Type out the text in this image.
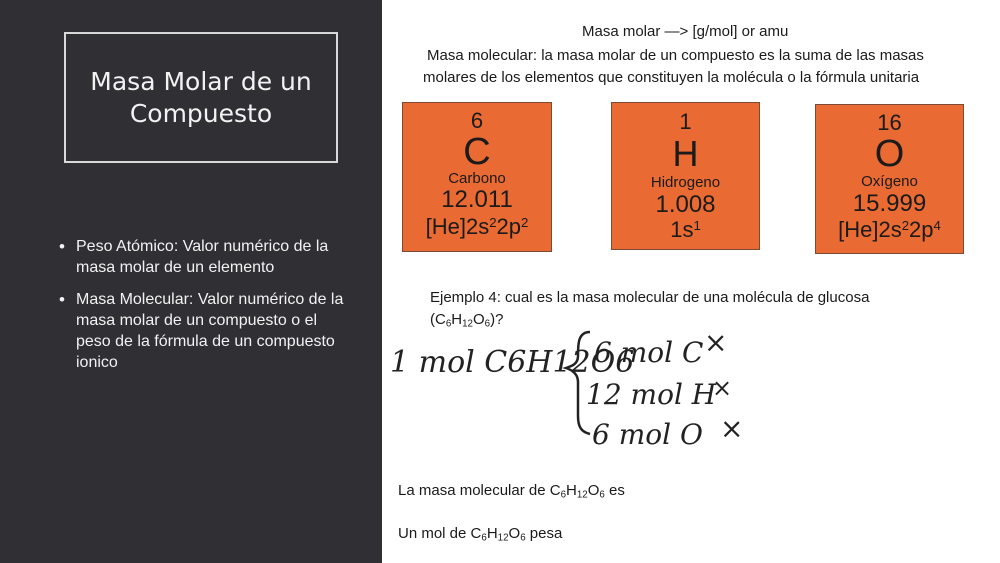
Masa Molar de un Compuesto
• Peso Atómico: Valor numérico de la masa molar de un elemento
• Masa Molecular: Valor numérico de la masa molar de un compuesto o el peso de la fórmula de un compuesto ionico
Masa molar —> [g/mol] or amu
Masa molecular: la masa molar de un compuesto es la suma de las masas
molares de los elementos que constituyen la molécula o la fórmula unitaria
6
C
Carbono
12.011
$[He]2s^22p^2$
1
H
Hidrogeno
1.008
$1s^1$
16
O
Oxígeno
15.999
$[He]2s^22p^4$
Ejemplo 4: cual es la masa molecular de una molécula de glucosa
$(C_6H_{12}O_6)$?
1 mol C6H12O6
6 mol C ×
12 mol H
×
6 mol O ×
La masa molecular de $C_6H_{12}O_6$ es
Un mol de $C_6H_{12}O_6$ pesa
